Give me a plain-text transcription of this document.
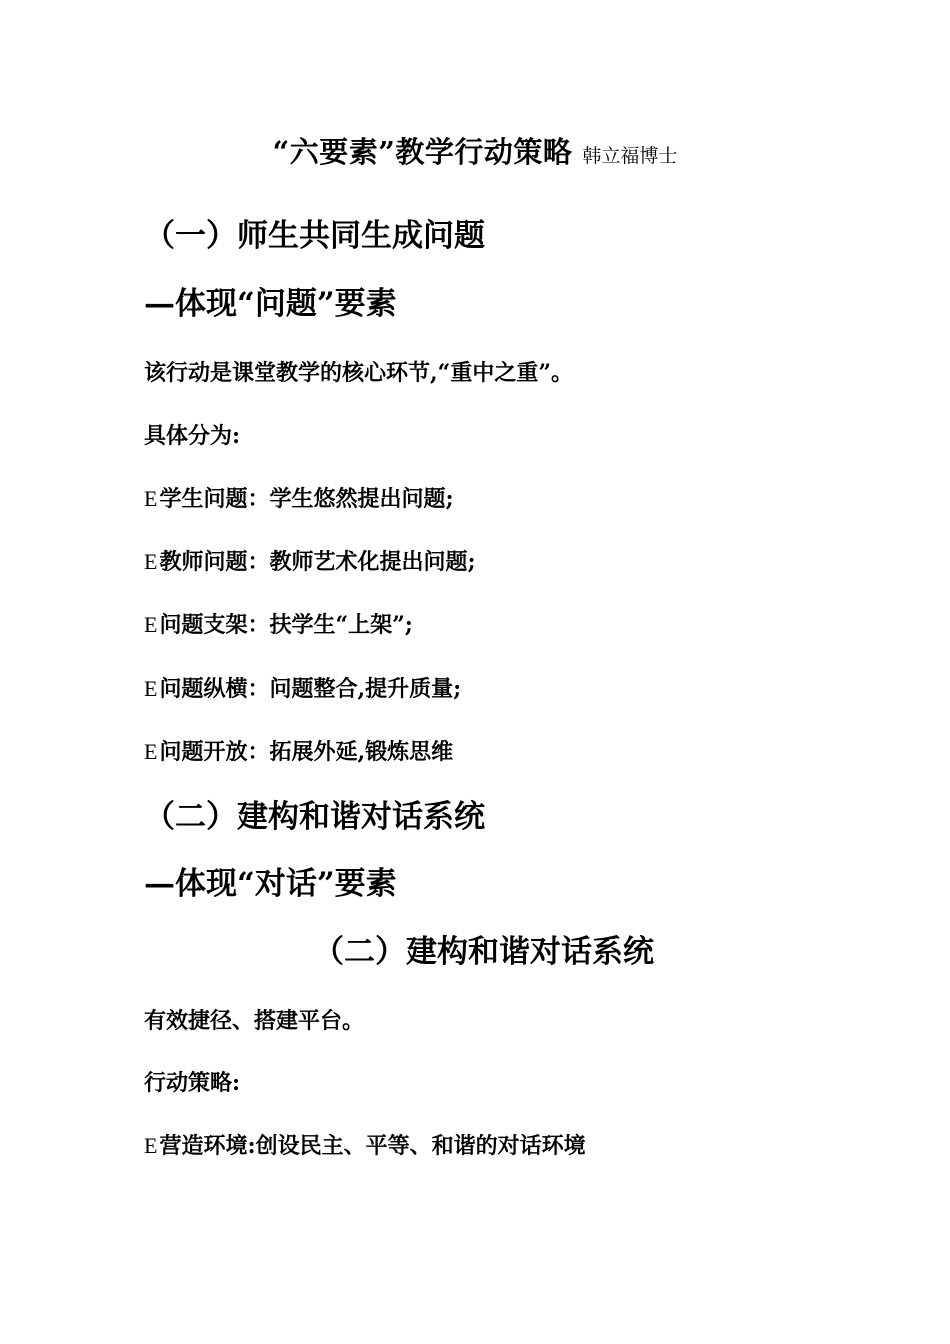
“六要素”教学行动策略 韩立福博士
（一）师生共同生成问题
—体现“问题”要素
该行动是课堂教学的核心环节,“重中之重”。
具体分为:
E学生问题：学生悠然提出问题;
E教师问题：教师艺术化提出问题;
E问题支架：扶学生“上架”;
E问题纵横：问题整合,提升质量;
E问题开放：拓展外延,锻炼思维
（二）建构和谐对话系统
—体现“对话”要素
（二）建构和谐对话系统
有效捷径、搭建平台。
行动策略:
E营造环境:创设民主、平等、和谐的对话环境
